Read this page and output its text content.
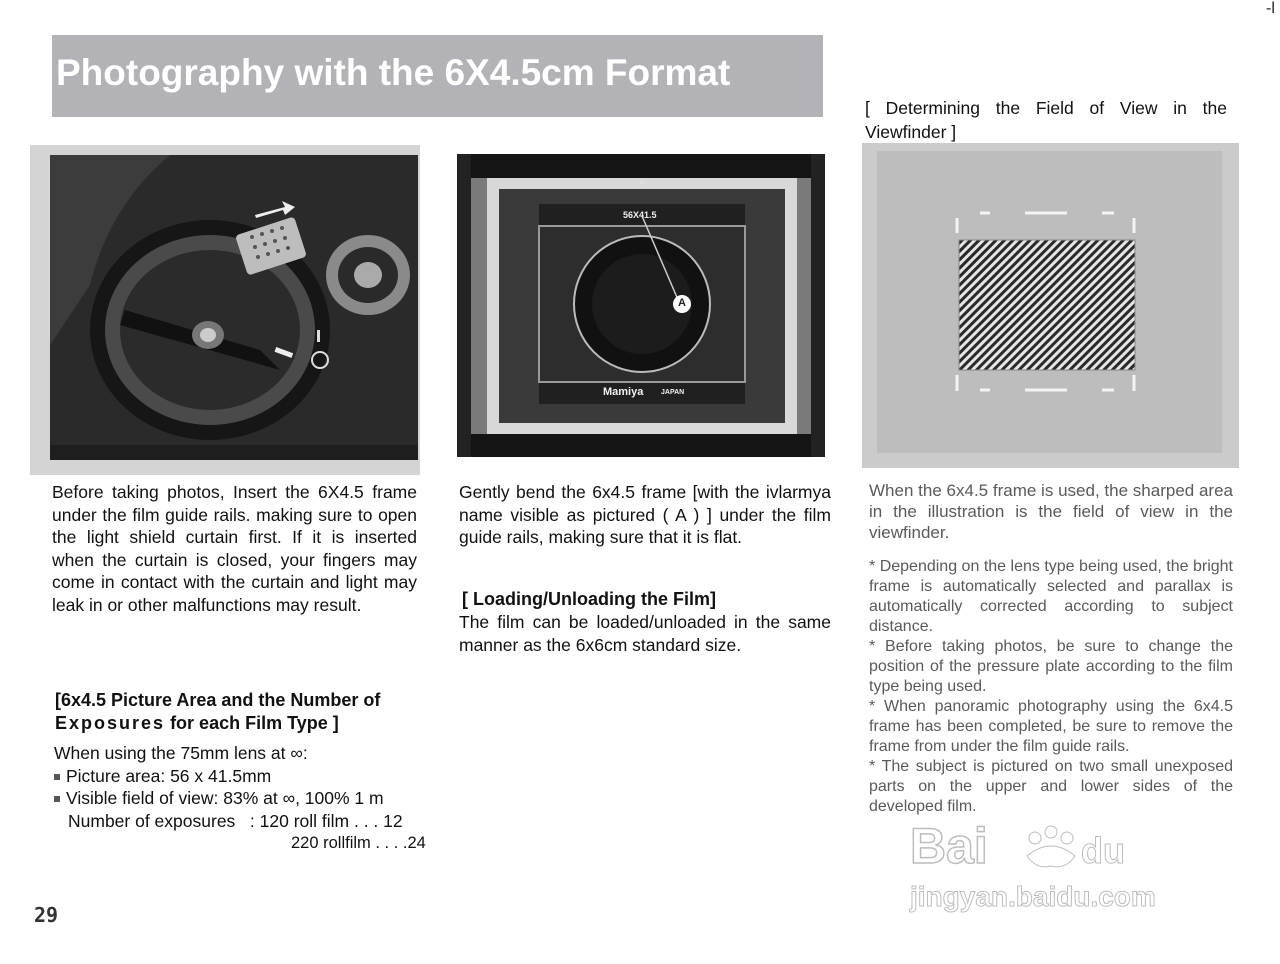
-l
Photography with the 6X4.5cm Format
[ Determining the Field of View in the Viewfinder ]
56X41.5
A
Mamiya	JAPAN

Before taking photos, Insert the 6X4.5 frame under the film guide rails. making sure to open the light shield curtain first. If it is inserted when the curtain is closed, your fingers may come in contact with the curtain and light may leak in or other malfunctions may result.

[6x4.5 Picture Area and the Number of
Exposures for each Film Type ]
When using the 75mm lens at ∞:
Picture area: 56 x 41.5mm
Visible field of view: 83% at ∞, 100% 1 m
Number of exposures : 120 roll film . . . 12
220 rollfilm . . . .24

Gently bend the 6x4.5 frame [with the ivlarmya name visible as pictured ( A ) ] under the film guide rails, making sure that it is flat.

[ Loading/Unloading the Film]

The film can be loaded/unloaded in the same manner as the 6x6cm standard size.

When the 6x4.5 frame is used, the sharped area in the illustration is the field of view in the viewfinder.

* Depending on the lens type being used, the bright frame is automatically selected and parallax is automatically corrected according to subject distance.

* Before taking photos, be sure to change the position of the pressure plate according to the film type being used.

* When panoramic photography using the 6x4.5 frame has been completed, be sure to remove the frame from under the film guide rails.

* The subject is pictured on two small unexposed parts on the upper and lower sides of the developed film.

29
Bai	du
jingyan.baidu.com
